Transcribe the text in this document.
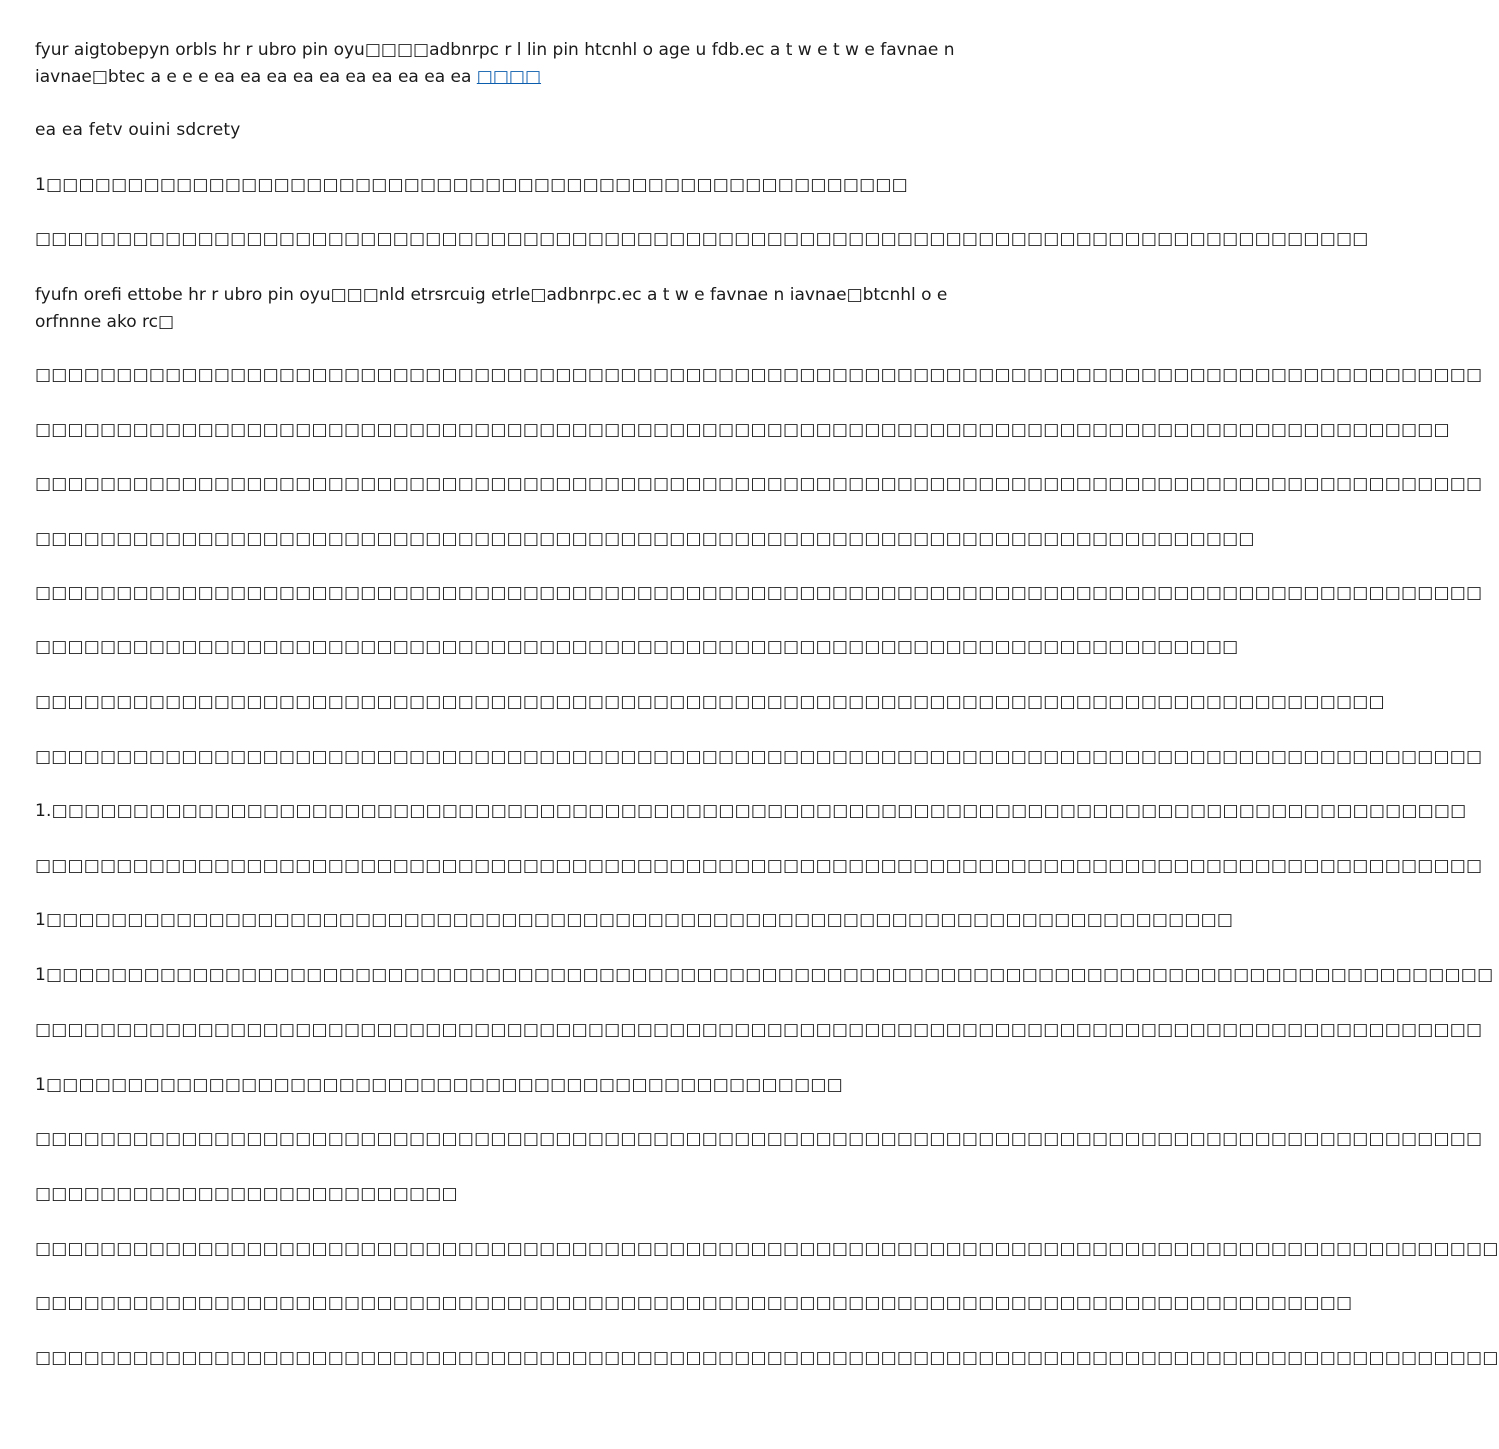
fyur aigtobepyn orbls hr r ubro pin oyu□□□□adbnrpc r l lin pin htcnhl o age u fdb.ec a t w e t w e favnae n iavnae□btec a e e e ea ea ea ea ea ea ea ea ea ea □□□□

ea ea fetv ouini sdcrety

1□□□□□□□□□□□□□□□□□□□□□□□□□□□□□□□□□□□□□□□□□□□□□□□□□□□□□

□□□□□□□□□□□□□□□□□□□□□□□□□□□□□□□□□□□□□□□□□□□□□□□□□□□□□□□□□□□□□□□□□□□□□□□□□□□□□□□□□□

fyufn orefi ettobe hr r ubro pin oyu□□□nld etrsrcuig etrle□adbnrpc.ec a t w e favnae n iavnae□btcnhl o e orfnnne ako rc□

□□□□□□□□□□□□□□□□□□□□□□□□□□□□□□□□□□□□□□□□□□□□□□□□□□□□□□□□□□□□□□□□□□□□□□□□□□□□□□□□□□□□□□□□□

□□□□□□□□□□□□□□□□□□□□□□□□□□□□□□□□□□□□□□□□□□□□□□□□□□□□□□□□□□□□□□□□□□□□□□□□□□□□□□□□□□□□□□□

□□□□□□□□□□□□□□□□□□□□□□□□□□□□□□□□□□□□□□□□□□□□□□□□□□□□□□□□□□□□□□□□□□□□□□□□□□□□□□□□□□□□□□□□□

□□□□□□□□□□□□□□□□□□□□□□□□□□□□□□□□□□□□□□□□□□□□□□□□□□□□□□□□□□□□□□□□□□□□□□□□□□□

□□□□□□□□□□□□□□□□□□□□□□□□□□□□□□□□□□□□□□□□□□□□□□□□□□□□□□□□□□□□□□□□□□□□□□□□□□□□□□□□□□□□□□□□□

□□□□□□□□□□□□□□□□□□□□□□□□□□□□□□□□□□□□□□□□□□□□□□□□□□□□□□□□□□□□□□□□□□□□□□□□□□

□□□□□□□□□□□□□□□□□□□□□□□□□□□□□□□□□□□□□□□□□□□□□□□□□□□□□□□□□□□□□□□□□□□□□□□□□□□□□□□□□□□

□□□□□□□□□□□□□□□□□□□□□□□□□□□□□□□□□□□□□□□□□□□□□□□□□□□□□□□□□□□□□□□□□□□□□□□□□□□□□□□□□□□□□□□□□

1.□□□□□□□□□□□□□□□□□□□□□□□□□□□□□□□□□□□□□□□□□□□□□□□□□□□□□□□□□□□□□□□□□□□□□□□□□□□□□□□□□□□□□□□

□□□□□□□□□□□□□□□□□□□□□□□□□□□□□□□□□□□□□□□□□□□□□□□□□□□□□□□□□□□□□□□□□□□□□□□□□□□□□□□□□□□□□□□□□

1□□□□□□□□□□□□□□□□□□□□□□□□□□□□□□□□□□□□□□□□□□□□□□□□□□□□□□□□□□□□□□□□□□□□□□□□□

1□□□□□□□□□□□□□□□□□□□□□□□□□□□□□□□□□□□□□□□□□□□□□□□□□□□□□□□□□□□□□□□□□□□□□□□□□□□□□□□□□□□□□□□□□

□□□□□□□□□□□□□□□□□□□□□□□□□□□□□□□□□□□□□□□□□□□□□□□□□□□□□□□□□□□□□□□□□□□□□□□□□□□□□□□□□□□□□□□□□

1□□□□□□□□□□□□□□□□□□□□□□□□□□□□□□□□□□□□□□□□□□□□□□□□□

□□□□□□□□□□□□□□□□□□□□□□□□□□□□□□□□□□□□□□□□□□□□□□□□□□□□□□□□□□□□□□□□□□□□□□□□□□□□□□□□□□□□□□□□□

□□□□□□□□□□□□□□□□□□□□□□□□□□

□□□□□□□□□□□□□□□□□□□□□□□□□□□□□□□□□□□□□□□□□□□□□□□□□□□□□□□□□□□□□□□□□□□□□□□□□□□□□□□□□□□□□□□□□□

□□□□□□□□□□□□□□□□□□□□□□□□□□□□□□□□□□□□□□□□□□□□□□□□□□□□□□□□□□□□□□□□□□□□□□□□□□□□□□□□□

□□□□□□□□□□□□□□□□□□□□□□□□□□□□□□□□□□□□□□□□□□□□□□□□□□□□□□□□□□□□□□□□□□□□□□□□□□□□□□□□□□□□□□□□□□
